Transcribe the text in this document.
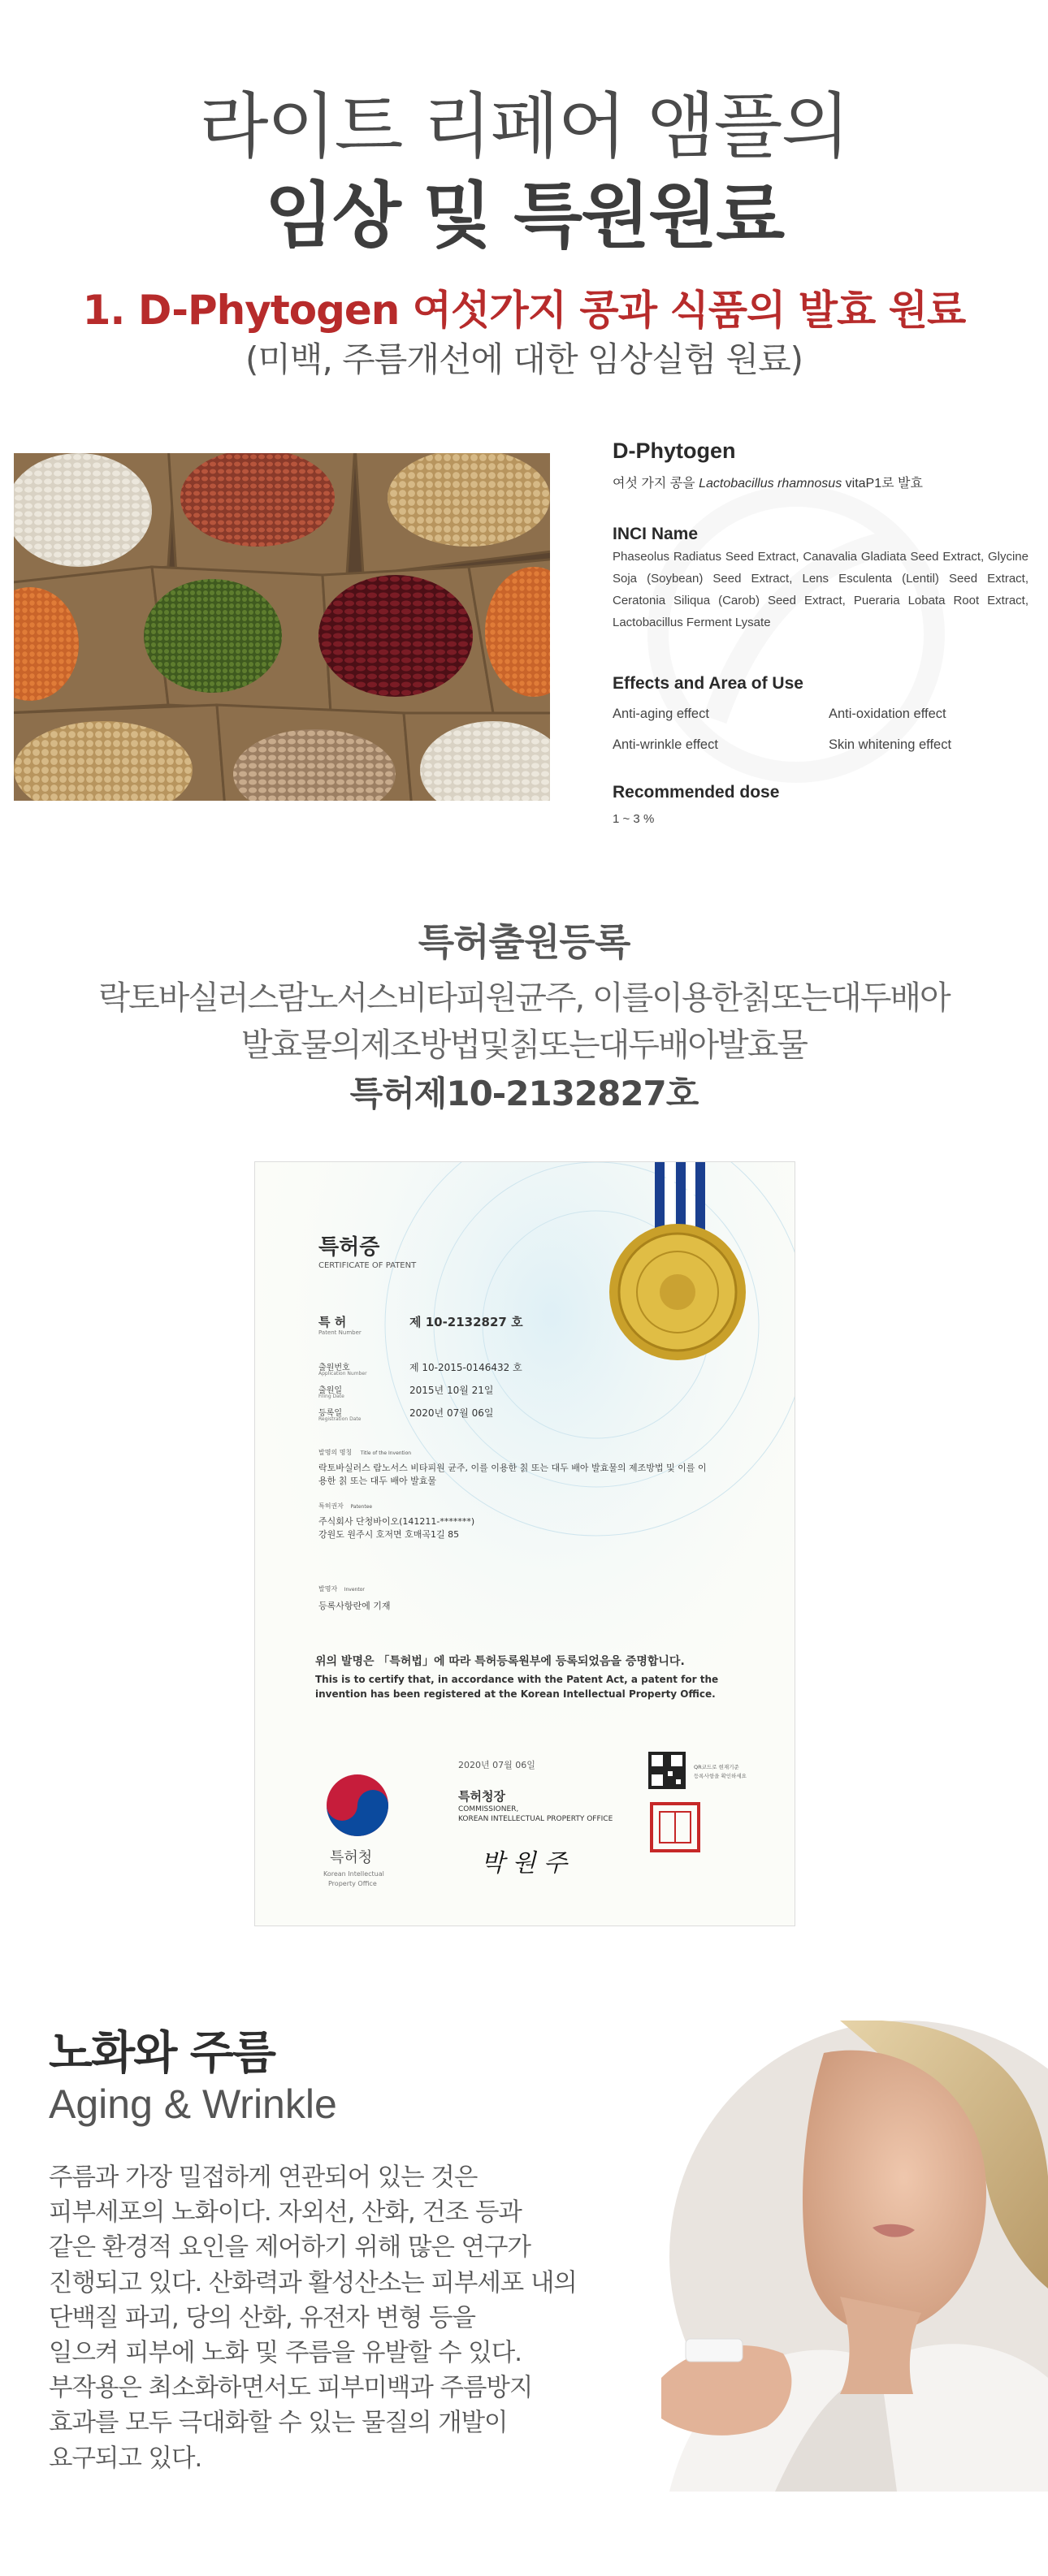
라이트 리페어 앰플의
임상 및 특원원료
1. D-Phytogen 여섯가지 콩과 식품의 발효 원료
(미백, 주름개선에 대한 임상실험 원료)
D-Phytogen
여섯 가지 콩을 Lactobacillus rhamnosus vitaP1로 발효
INCI Name
Phaseolus Radiatus Seed Extract, Canavalia Gladiata Seed Extract, Glycine Soja (Soybean) Seed Extract, Lens Esculenta (Lentil) Seed Extract, Ceratonia Siliqua (Carob) Seed Extract, Pueraria Lobata Root Extract, Lactobacillus Ferment Lysate
Effects and Area of Use
Anti-aging effect	Anti-oxidation effect
Anti-wrinkle effect	Skin whitening effect
Recommended dose
1 ~ 3 %
특허출원등록
락토바실러스람노서스비타피원균주, 이를이용한칡또는대두배아
발효물의제조방법및칡또는대두배아발효물
특허제10-2132827호
특허증
CERTIFICATE OF PATENT
특 허
Patent Number
제 10-2132827 호
출원번호
Application Number
제 10-2015-0146432 호
출원일
Filing Date
2015년 10월 21일
등록일
Registration Date
2020년 07월 06일
발명의 명칭 Title of the Invention
락토바실러스 람노서스 비타피원 균주, 이를 이용한 칡 또는 대두 배아 발효물의 제조방법 및 이를 이
용한 칡 또는 대두 배아 발효물
특허권자 Patentee
주식회사 단청바이오(141211-*******)
강원도 원주시 호저면 호매곡1길 85
발명자 Inventor
등록사항란에 기재
위의 발명은 「특허법」에 따라 특허등록원부에 등록되었음을 증명합니다.
This is to certify that, in accordance with the Patent Act, a patent for the
invention has been registered at the Korean Intellectual Property Office.
2020년 07월 06일
특허청장
COMMISSIONER,
KOREAN INTELLECTUAL PROPERTY OFFICE
박 원 주
QR코드로 현재기준
등록사항을 확인하세요
특허청
Korean Intellectual
Property Office
노화와 주름
Aging & Wrinkle
주름과 가장 밀접하게 연관되어 있는 것은
피부세포의 노화이다. 자외선, 산화, 건조 등과
같은 환경적 요인을 제어하기 위해 많은 연구가
진행되고 있다. 산화력과 활성산소는 피부세포 내의
단백질 파괴, 당의 산화, 유전자 변형 등을
일으켜 피부에 노화 및 주름을 유발할 수 있다.
부작용은 최소화하면서도 피부미백과 주름방지
효과를 모두 극대화할 수 있는 물질의 개발이
요구되고 있다.
